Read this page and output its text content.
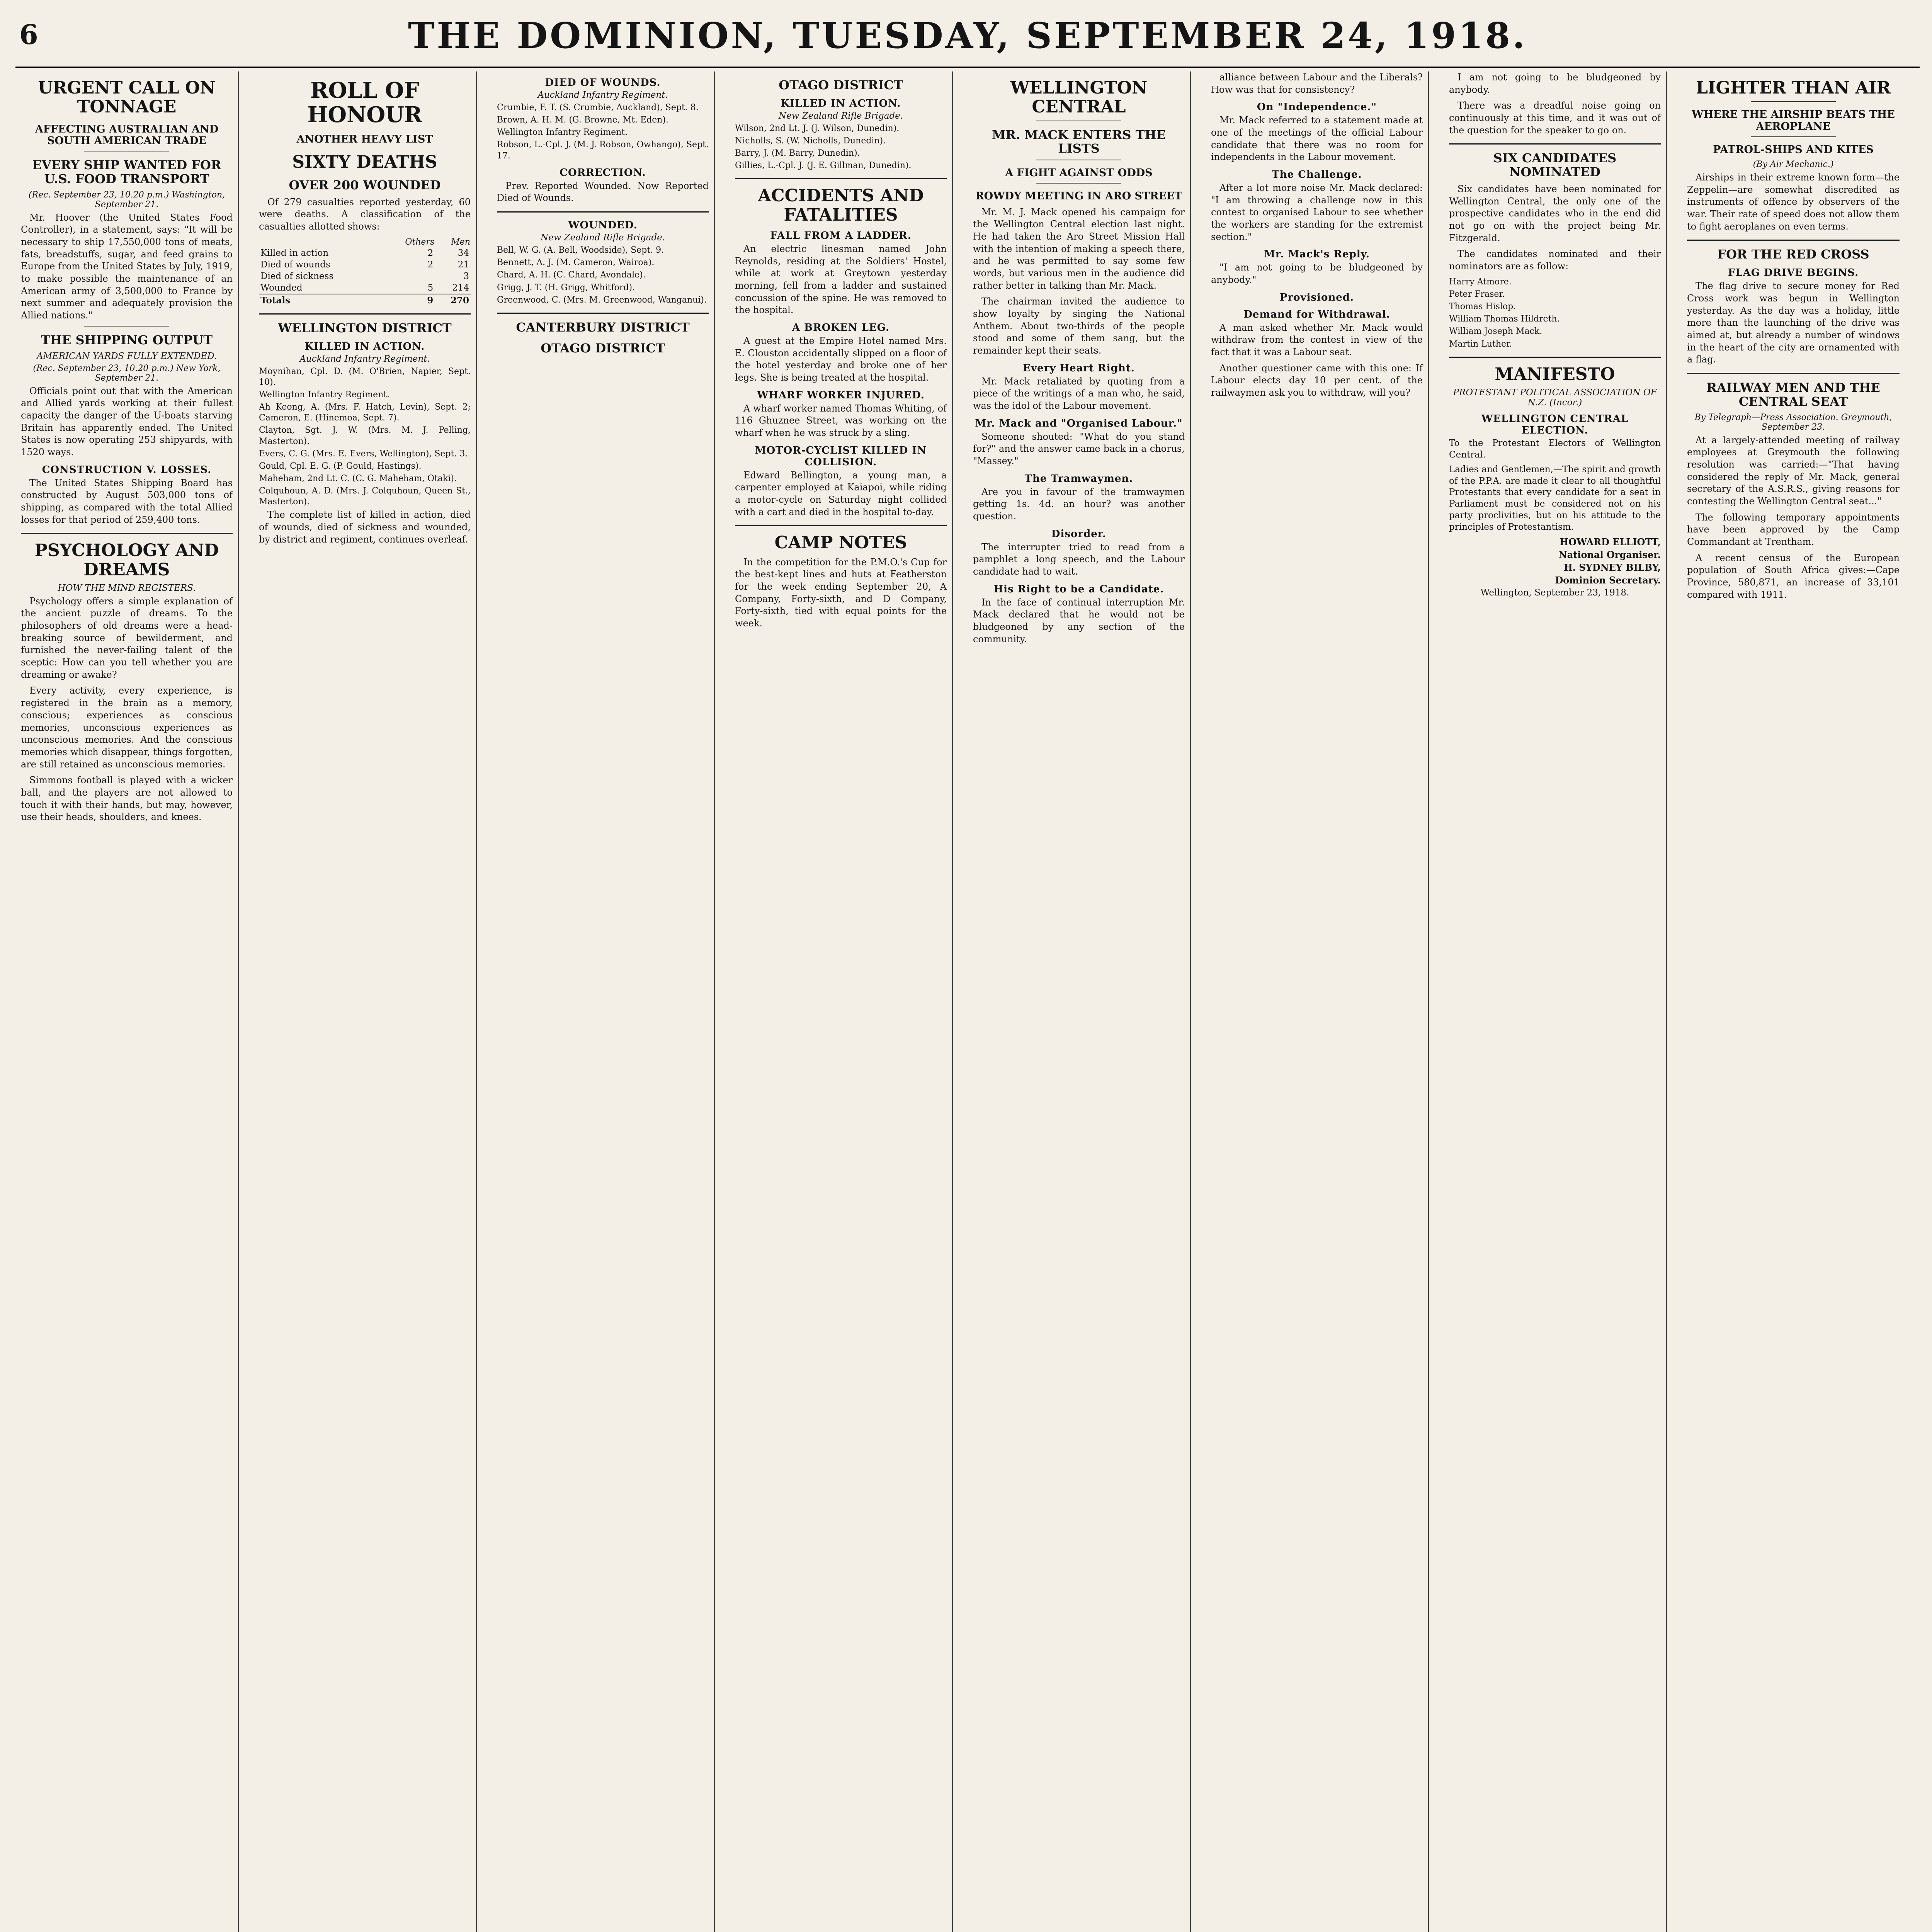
6	THE DOMINION, TUESDAY, SEPTEMBER 24, 1918.
URGENT CALL ON TONNAGE
AFFECTING AUSTRALIAN AND SOUTH AMERICAN TRADE
EVERY SHIP WANTED FOR U.S. FOOD TRANSPORT
(Rec. September 23, 10.20 p.m.) Washington, September 21.

Mr. Hoover (the United States Food Controller), in a statement, says: "It will be necessary to ship 17,550,000 tons of meats, fats, breadstuffs, sugar, and feed grains to Europe from the United States by July, 1919, to make possible the maintenance of an American army of 3,500,000 to France by next summer and adequately provision the Allied nations."

THE SHIPPING OUTPUT
AMERICAN YARDS FULLY EXTENDED.
(Rec. September 23, 10.20 p.m.) New York, September 21.

Officials point out that with the American and Allied yards working at their fullest capacity the danger of the U-boats starving Britain has apparently ended. The United States is now operating 253 shipyards, with 1520 ways.

CONSTRUCTION V. LOSSES.

The United States Shipping Board has constructed by August 503,000 tons of shipping, as compared with the total Allied losses for that period of 259,400 tons.

PSYCHOLOGY AND DREAMS
HOW THE MIND REGISTERS.

Psychology offers a simple explanation of the ancient puzzle of dreams. To the philosophers of old dreams were a head-breaking source of bewilderment, and furnished the never-failing talent of the sceptic: How can you tell whether you are dreaming or awake?

Every activity, every experience, is registered in the brain as a memory, conscious; experiences as conscious memories, unconscious experiences as unconscious memories. And the conscious memories which disappear, things forgotten, are still retained as unconscious memories.

Simmons football is played with a wicker ball, and the players are not allowed to touch it with their hands, but may, however, use their heads, shoulders, and knees.

ROLL OF HONOUR
ANOTHER HEAVY LIST
SIXTY DEATHS
OVER 200 WOUNDED

Of 279 casualties reported yesterday, 60 were deaths. A classification of the casualties allotted shows:

	Others	Men
Killed in action	2	34
Died of wounds	2	21
Died of sickness		3
Wounded	5	214
Totals	9	270
WELLINGTON DISTRICT
KILLED IN ACTION.
Auckland Infantry Regiment.
Moynihan, Cpl. D. (M. O'Brien, Napier, Sept. 10).
Wellington Infantry Regiment.
Ah Keong, A. (Mrs. F. Hatch, Levin), Sept. 2; Cameron, E. (Hinemoa, Sept. 7).
Clayton, Sgt. J. W. (Mrs. M. J. Pelling, Masterton).
Evers, C. G. (Mrs. E. Evers, Wellington), Sept. 3.
Gould, Cpl. E. G. (P. Gould, Hastings).
Maheham, 2nd Lt. C. (C. G. Maheham, Otaki).
Colquhoun, A. D. (Mrs. J. Colquhoun, Queen St., Masterton).

The complete list of killed in action, died of wounds, died of sickness and wounded, by district and regiment, continues overleaf.

DIED OF WOUNDS.
Auckland Infantry Regiment.
Crumbie, F. T. (S. Crumbie, Auckland), Sept. 8.
Brown, A. H. M. (G. Browne, Mt. Eden).
Wellington Infantry Regiment.
Robson, L.-Cpl. J. (M. J. Robson, Owhango), Sept. 17.
CORRECTION.

Prev. Reported Wounded. Now Reported Died of Wounds.

WOUNDED.
New Zealand Rifle Brigade.
Bell, W. G. (A. Bell, Woodside), Sept. 9.
Bennett, A. J. (M. Cameron, Wairoa).
Chard, A. H. (C. Chard, Avondale).
Grigg, J. T. (H. Grigg, Whitford).
Greenwood, C. (Mrs. M. Greenwood, Wanganui).
CANTERBURY DISTRICT
OTAGO DISTRICT
OTAGO DISTRICT
KILLED IN ACTION.
New Zealand Rifle Brigade.
Wilson, 2nd Lt. J. (J. Wilson, Dunedin).
Nicholls, S. (W. Nicholls, Dunedin).
Barry, J. (M. Barry, Dunedin).
Gillies, L.-Cpl. J. (J. E. Gillman, Dunedin).
ACCIDENTS AND FATALITIES
FALL FROM A LADDER.

An electric linesman named John Reynolds, residing at the Soldiers' Hostel, while at work at Greytown yesterday morning, fell from a ladder and sustained concussion of the spine. He was removed to the hospital.

A BROKEN LEG.

A guest at the Empire Hotel named Mrs. E. Clouston accidentally slipped on a floor of the hotel yesterday and broke one of her legs. She is being treated at the hospital.

WHARF WORKER INJURED.

A wharf worker named Thomas Whiting, of 116 Ghuznee Street, was working on the wharf when he was struck by a sling.

MOTOR-CYCLIST KILLED IN COLLISION.

Edward Bellington, a young man, a carpenter employed at Kaiapoi, while riding a motor-cycle on Saturday night collided with a cart and died in the hospital to-day.

CAMP NOTES

In the competition for the P.M.O.'s Cup for the best-kept lines and huts at Featherston for the week ending September 20, A Company, Forty-sixth, and D Company, Forty-sixth, tied with equal points for the week.

WELLINGTON CENTRAL
MR. MACK ENTERS THE LISTS
A FIGHT AGAINST ODDS
ROWDY MEETING IN ARO STREET

Mr. M. J. Mack opened his campaign for the Wellington Central election last night. He had taken the Aro Street Mission Hall with the intention of making a speech there, and he was permitted to say some few words, but various men in the audience did rather better in talking than Mr. Mack.

The chairman invited the audience to show loyalty by singing the National Anthem. About two-thirds of the people stood and some of them sang, but the remainder kept their seats.

Every Heart Right.

Mr. Mack retaliated by quoting from a piece of the writings of a man who, he said, was the idol of the Labour movement.

Mr. Mack and "Organised Labour."

Someone shouted: "What do you stand for?" and the answer came back in a chorus, "Massey."

The Tramwaymen.

Are you in favour of the tramwaymen getting 1s. 4d. an hour? was another question.

Disorder.

The interrupter tried to read from a pamphlet a long speech, and the Labour candidate had to wait.

His Right to be a Candidate.

In the face of continual interruption Mr. Mack declared that he would not be bludgeoned by any section of the community.

alliance between Labour and the Liberals? How was that for consistency?

On "Independence."

Mr. Mack referred to a statement made at one of the meetings of the official Labour candidate that there was no room for independents in the Labour movement.

The Challenge.

After a lot more noise Mr. Mack declared: "I am throwing a challenge now in this contest to organised Labour to see whether the workers are standing for the extremist section."

Mr. Mack's Reply.

"I am not going to be bludgeoned by anybody."

Provisioned.
Demand for Withdrawal.

A man asked whether Mr. Mack would withdraw from the contest in view of the fact that it was a Labour seat.

Another questioner came with this one: If Labour elects day 10 per cent. of the railwaymen ask you to withdraw, will you?

I am not going to be bludgeoned by anybody.

There was a dreadful noise going on continuously at this time, and it was out of the question for the speaker to go on.

SIX CANDIDATES NOMINATED

Six candidates have been nominated for Wellington Central, the only one of the prospective candidates who in the end did not go on with the project being Mr. Fitzgerald.

The candidates nominated and their nominators are as follow:

Harry Atmore.
Peter Fraser.
Thomas Hislop.
William Thomas Hildreth.
William Joseph Mack.
Martin Luther.
MANIFESTO
PROTESTANT POLITICAL ASSOCIATION OF N.Z. (Incor.)
WELLINGTON CENTRAL ELECTION.

To the Protestant Electors of Wellington Central.

Ladies and Gentlemen,—The spirit and growth of the P.P.A. are made it clear to all thoughtful Protestants that every candidate for a seat in Parliament must be considered not on his party proclivities, but on his attitude to the principles of Protestantism.

HOWARD ELLIOTT,
National Organiser.
H. SYDNEY BILBY,
Dominion Secretary.
Wellington, September 23, 1918.
LIGHTER THAN AIR
WHERE THE AIRSHIP BEATS THE AEROPLANE
PATROL-SHIPS AND KITES
(By Air Mechanic.)

Airships in their extreme known form—the Zeppelin—are somewhat discredited as instruments of offence by observers of the war. Their rate of speed does not allow them to fight aeroplanes on even terms.

FOR THE RED CROSS
FLAG DRIVE BEGINS.

The flag drive to secure money for Red Cross work was begun in Wellington yesterday. As the day was a holiday, little more than the launching of the drive was aimed at, but already a number of windows in the heart of the city are ornamented with a flag.

RAILWAY MEN AND THE CENTRAL SEAT
By Telegraph—Press Association. Greymouth, September 23.

At a largely-attended meeting of railway employees at Greymouth the following resolution was carried:—"That having considered the reply of Mr. Mack, general secretary of the A.S.R.S., giving reasons for contesting the Wellington Central seat..."

The following temporary appointments have been approved by the Camp Commandant at Trentham.

A recent census of the European population of South Africa gives:—Cape Province, 580,871, an increase of 33,101 compared with 1911.
